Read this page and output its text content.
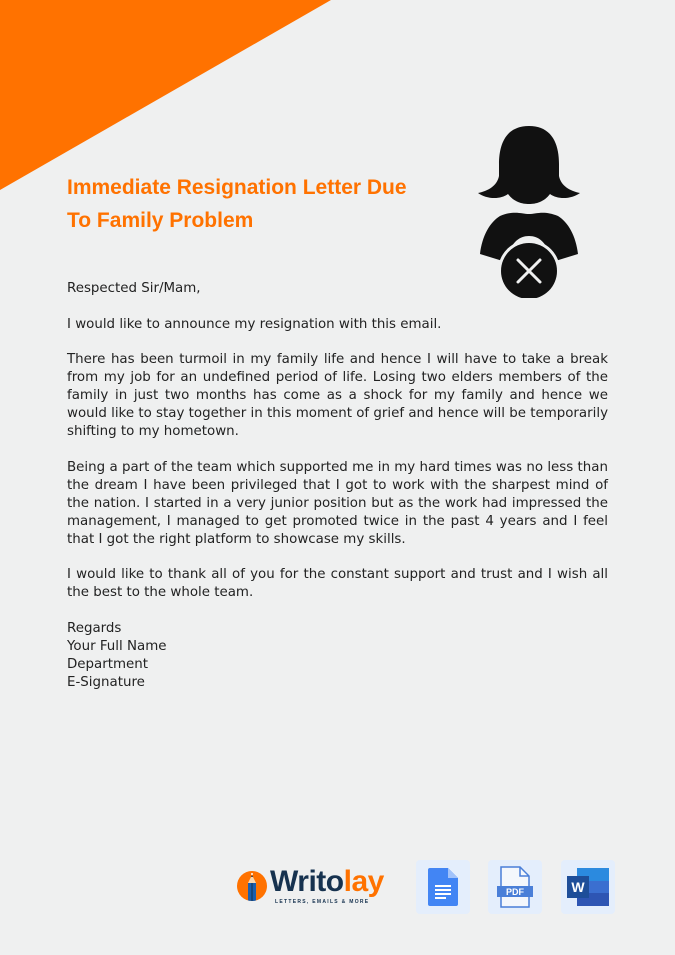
Immediate Resignation Letter Due
To Family Problem

Respected Sir/Mam,

I would like to announce my resignation with this email.

There has been turmoil in my family life and hence I will have to take a break from my job for an undefined period of life. Losing two elders members of the family in just two months has come as a shock for my family and hence we would like to stay together in this moment of grief and hence will be temporarily shifting to my hometown.

Being a part of the team which supported me in my hard times was no less than the dream I have been privileged that I got to work with the sharpest mind of the nation. I started in a very junior position but as the work had impressed the management, I managed to get promoted twice in the past 4 years and I feel that I got the right platform to showcase my skills.

I would like to thank all of you for the constant support and trust and I wish all the best to the whole team.

Regards
Your Full Name
Department
E-Signature
Writolay
LETTERS, EMAILS & MORE
PDF	W
